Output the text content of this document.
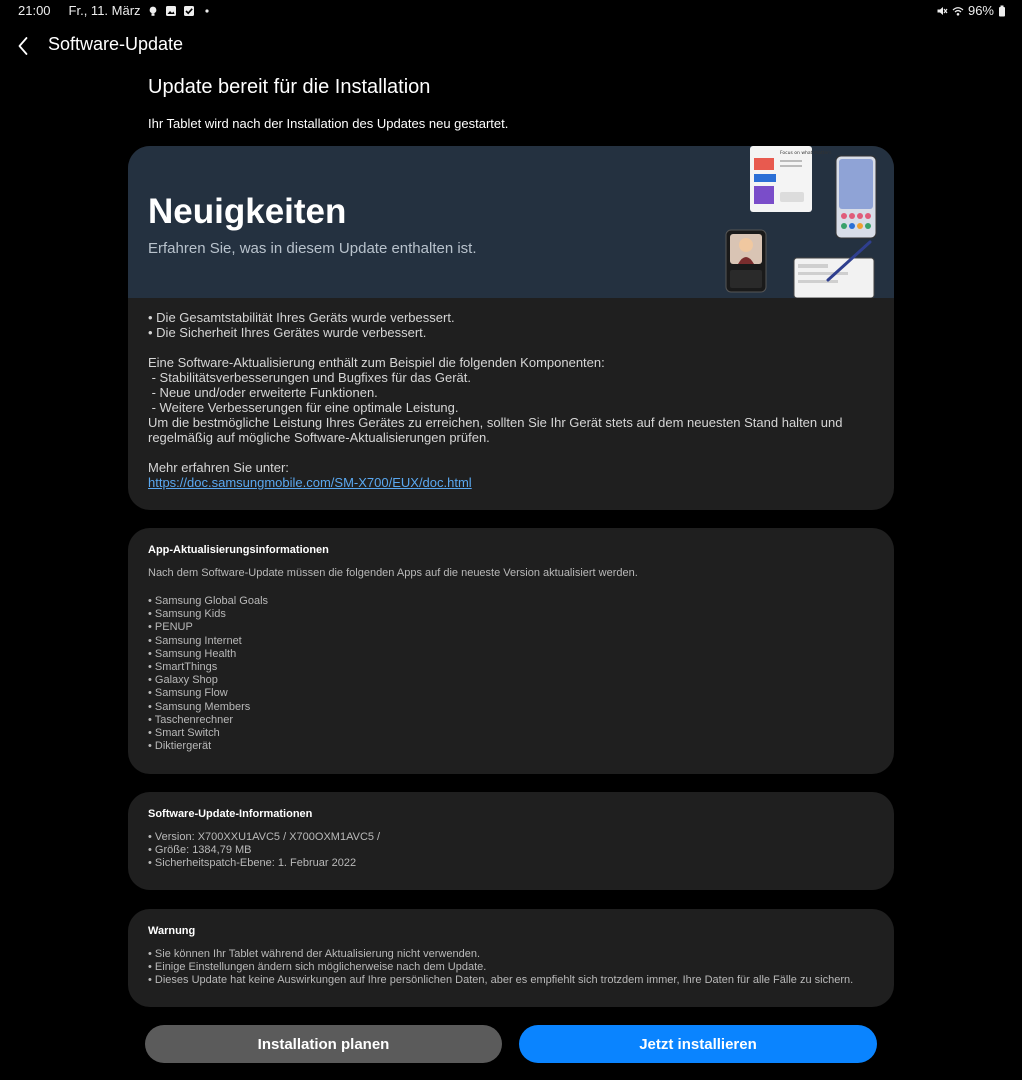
21:00 Fr., 11. März	96%
Software-Update
Update bereit für die Installation
Ihr Tablet wird nach der Installation des Updates neu gestartet.
Neuigkeiten
Erfahren Sie, was in diesem Update enthalten ist.
Focus on what matters
• Die Gesamtstabilität Ihres Geräts wurde verbessert.
• Die Sicherheit Ihres Gerätes wurde verbessert.
Eine Software-Aktualisierung enthält zum Beispiel die folgenden Komponenten:
- Stabilitätsverbesserungen und Bugfixes für das Gerät.
- Neue und/oder erweiterte Funktionen.
- Weitere Verbesserungen für eine optimale Leistung.
Um die bestmögliche Leistung Ihres Gerätes zu erreichen, sollten Sie Ihr Gerät stets auf dem neuesten Stand halten und
regelmäßig auf mögliche Software-Aktualisierungen prüfen.
Mehr erfahren Sie unter:
https://doc.samsungmobile.com/SM-X700/EUX/doc.html
App-Aktualisierungsinformationen
Nach dem Software-Update müssen die folgenden Apps auf die neueste Version aktualisiert werden.
• Samsung Global Goals
• Samsung Kids
• PENUP
• Samsung Internet
• Samsung Health
• SmartThings
• Galaxy Shop
• Samsung Flow
• Samsung Members
• Taschenrechner
• Smart Switch
• Diktiergerät
Software-Update-Informationen
• Version: X700XXU1AVC5 / X700OXM1AVC5 /
• Größe: 1384,79 MB
• Sicherheitspatch-Ebene: 1. Februar 2022
Warnung
• Sie können Ihr Tablet während der Aktualisierung nicht verwenden.
• Einige Einstellungen ändern sich möglicherweise nach dem Update.
• Dieses Update hat keine Auswirkungen auf Ihre persönlichen Daten, aber es empfiehlt sich trotzdem immer, Ihre Daten für alle Fälle zu sichern.
Installation planen	Jetzt installieren
